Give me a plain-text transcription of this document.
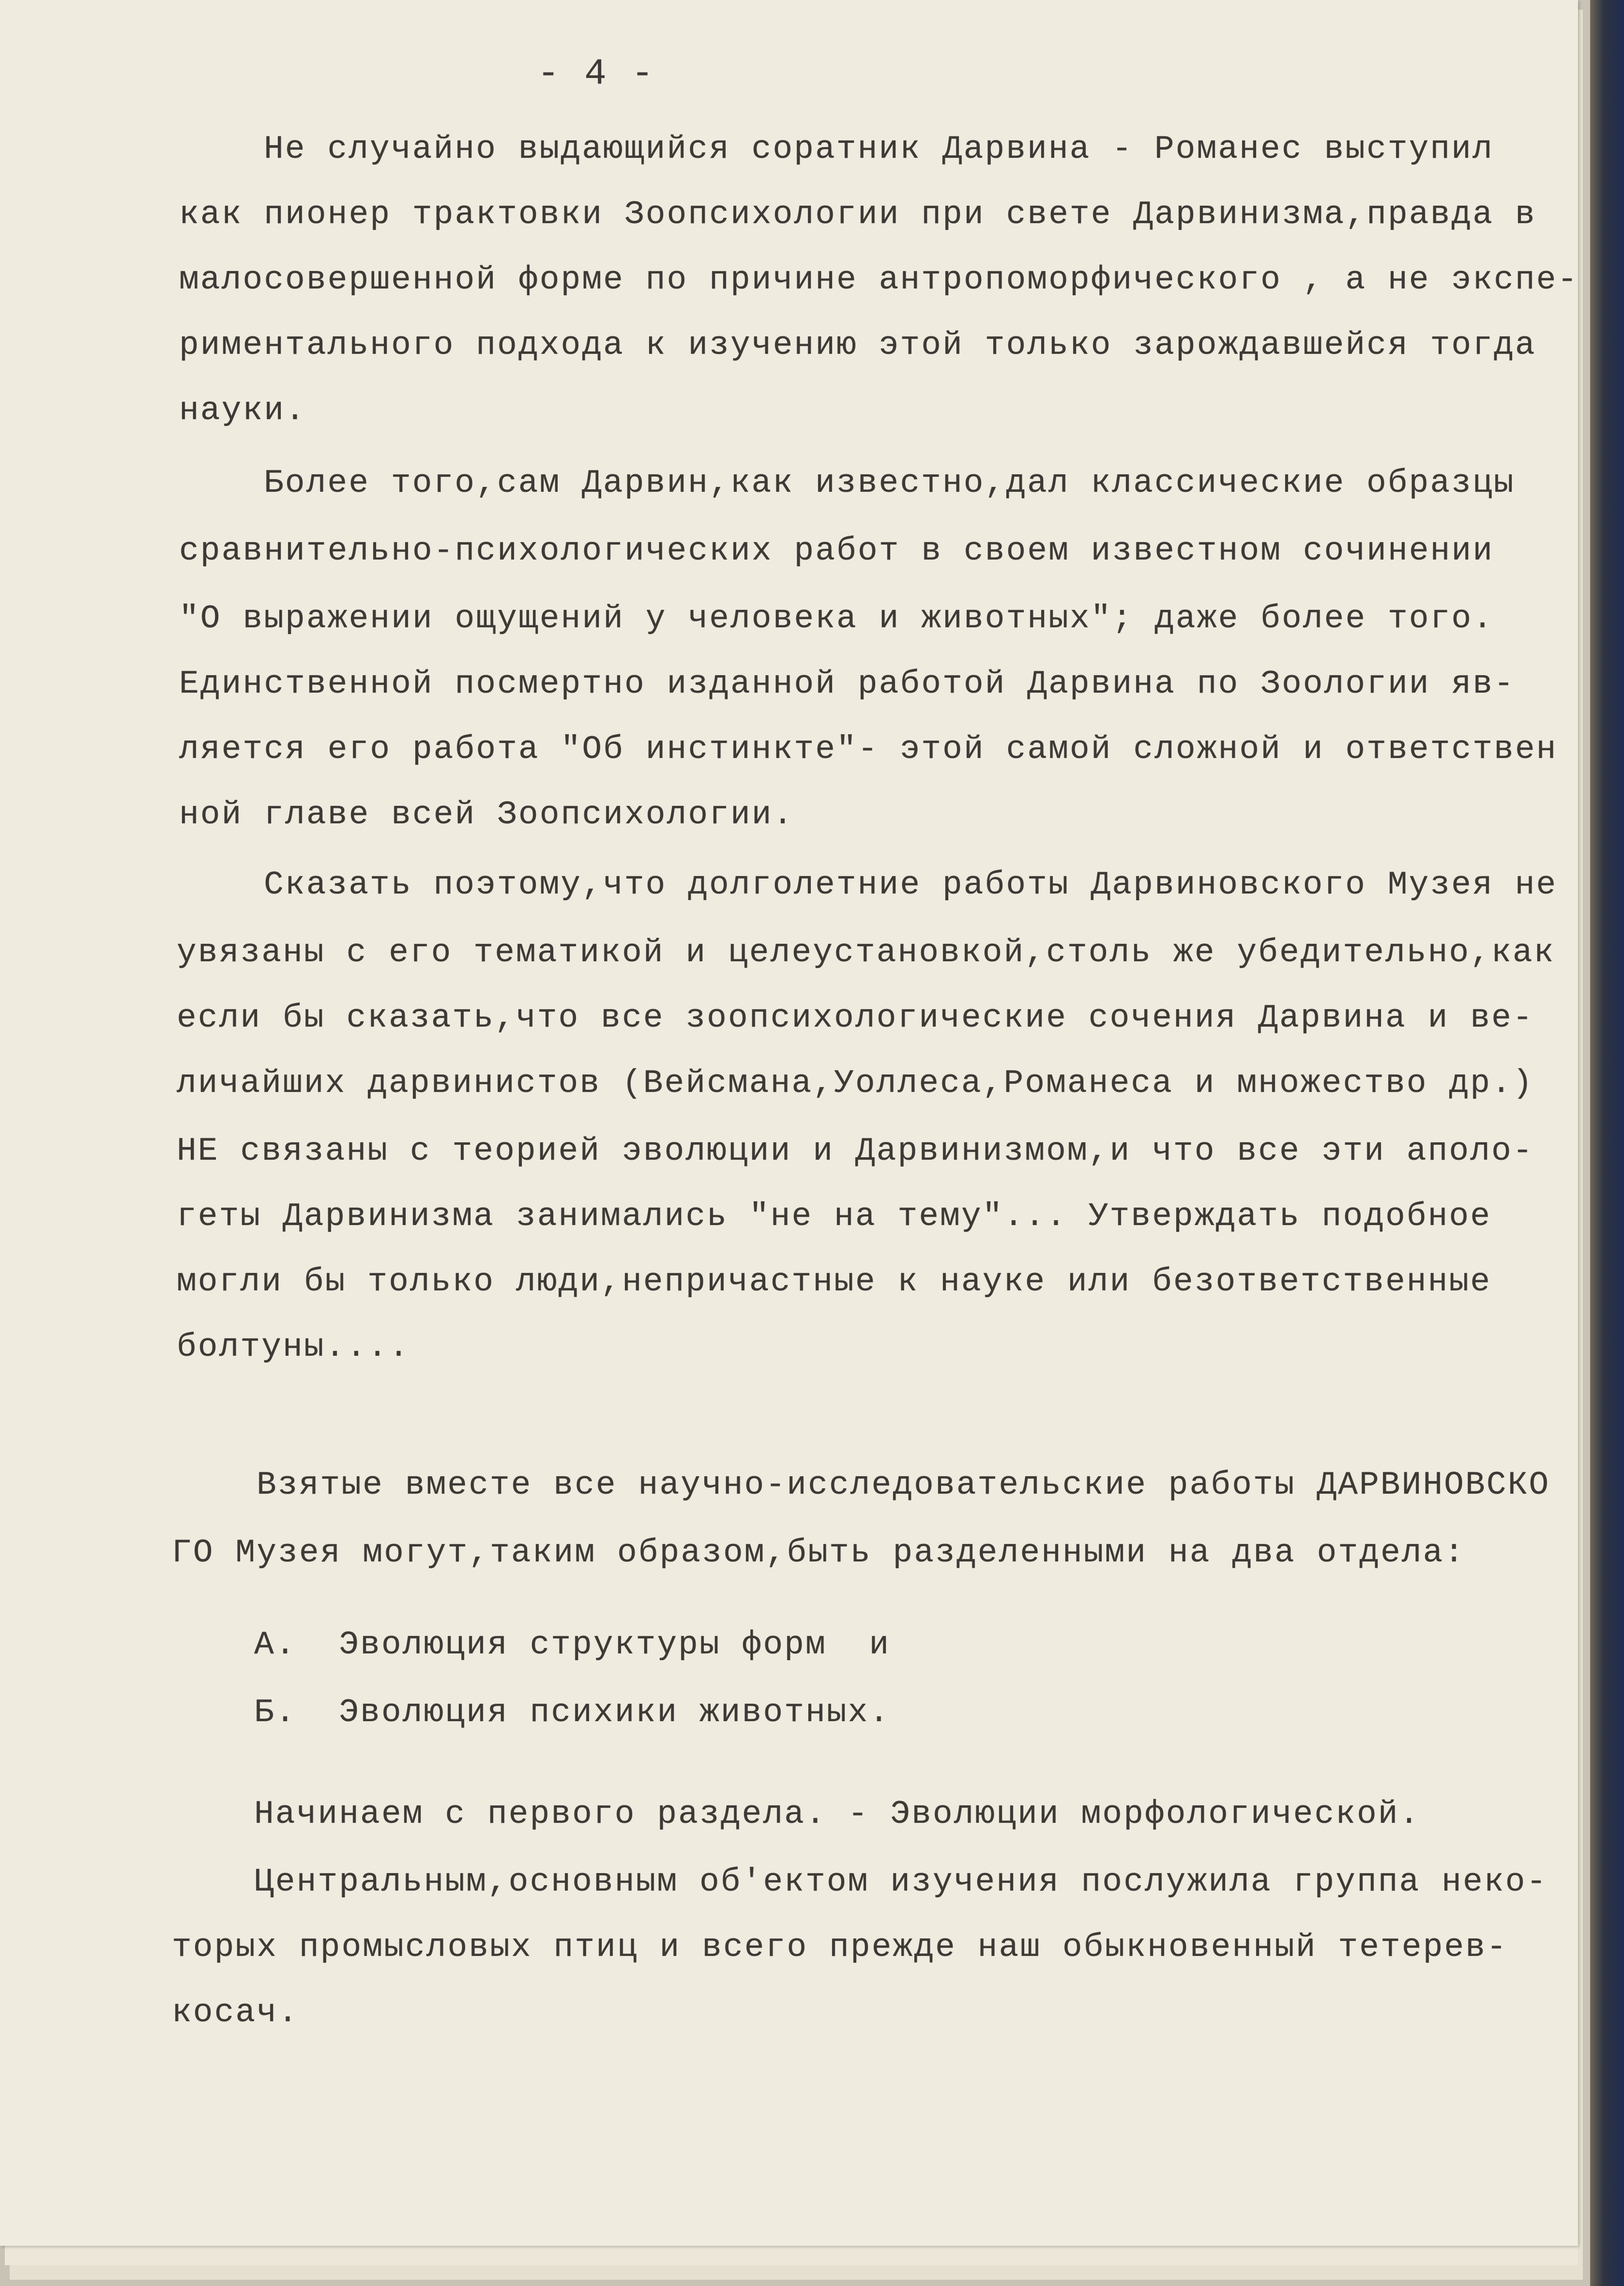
- 4 -
Не случайно выдающийся соратник Дарвина - Романес выступил
как пионер трактовки Зоопсихологии при свете Дарвинизма,правда в
малосовершенной форме по причине антропоморфического , а не экспе-
риментального подхода к изучению этой только зарождавшейся тогда
науки.
Более того,сам Дарвин,как известно,дал классические образцы
сравнительно-психологических работ в своем известном сочинении
"О выражении ощущений у человека и животных"; даже более того.
Единственной посмертно изданной работой Дарвина по Зоологии яв-
ляется его работа "Об инстинкте"- этой самой сложной и ответствен
ной главе всей Зоопсихологии.
Сказать поэтому,что долголетние работы Дарвиновского Музея не
увязаны с его тематикой и целеустановкой,столь же убедительно,как
если бы сказать,что все зоопсихологические сочения Дарвина и ве-
личайших дарвинистов (Вейсмана,Уоллеса,Романеса и множество др.)
НЕ связаны с теорией эволюции и Дарвинизмом,и что все эти аполо-
геты Дарвинизма занимались "не на тему"... Утверждать подобное
могли бы только люди,непричастные к науке или безответственные
болтуны....
Взятые вместе все научно-исследовательские работы ДАРВИНОВСКО
ГО Музея могут,таким образом,быть разделенными на два отдела:
А.  Эволюция структуры форм  и
Б.  Эволюция психики животных.
Начинаем с первого раздела. - Эволюции морфологической.
Центральным,основным об'ектом изучения послужила группа неко-
торых промысловых птиц и всего прежде наш обыкновенный тетерев-
косач.
